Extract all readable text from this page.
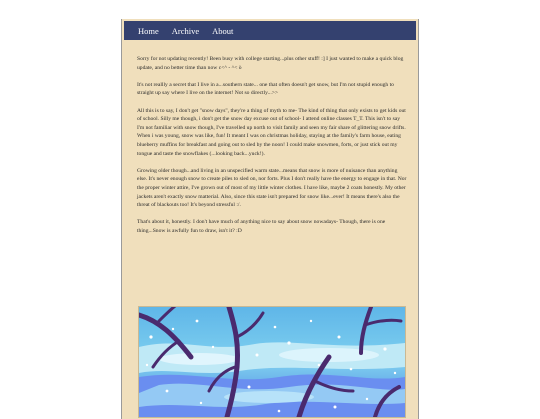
Home Archive About

Sorry for not updating recently! Been busy with college starting...plus other stuff! :] I just wanted to make a quick blog update, and no better time than now c<^ - ^< ò

It's not reallly a secret that I live in a...southern state... one that often doesn't get snow, but I'm not stupid enough to straight up say where I live on the internet! Not so directly...>>

All this is to say, I don't get "snow days", they're a thing of myth to me- The kind of thing that only exists to get kids out of school. Silly me though, i don't get the snow day excuse out of school- I attend online classes T_T. This isn't to say I'm not familiar with snow though, I've travelled up north to visit family and seen my fair share of glittering snow drifts. When i was young, snow was like, fun! It meant I was on christmas holiday, staying at the family's farm house, eating blueberry muffins for breakfast and going out to sled by the noon! I could make snowmen, forts, or just stick out my tongue and taste the snowflakes (...looking back...yuck!).

Growing older though...and living in an unspecified warm state...means that snow is more of nuisance than anything else. It's never enough snow to create piles to sled on, nor forts. Plus I don't really have the energy to engage in that. Nor the proper winter attire, I've grown out of most of my little winter clothes. I have like, maybe 2 coats honestly. My other jackets aren't exactly snow matterial. Also, since this state isn't prepared for snow like...ever! It means there's also the threat of blackouts too! It's beyond stressful :/.

That's about it, honestly. I don't have much of anything nice to say about snow nowadays- Though, there is one thing...Snow is awfully fun to draw, isn't it? :D
